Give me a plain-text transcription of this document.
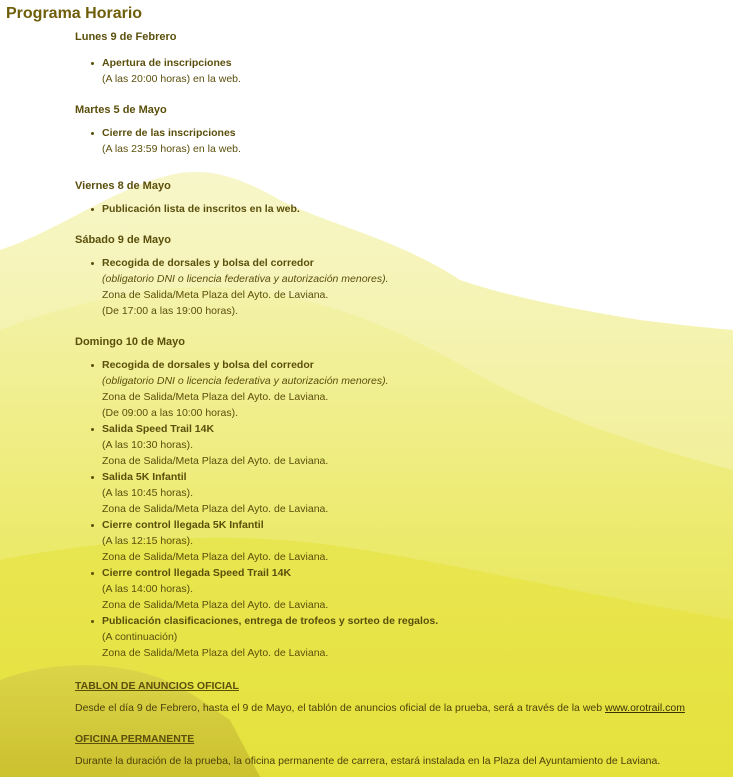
Programa Horario
Lunes 9 de Febrero
Apertura de inscripciones
(A las 20:00 horas) en la web.
Martes 5 de Mayo
Cierre de las inscripciones
(A las 23:59 horas) en la web.
Viernes 8 de Mayo
Publicación lista de inscritos en la web.
Sábado 9 de Mayo
Recogida de dorsales y bolsa del corredor
(obligatorio DNI o licencia federativa y autorización menores).
Zona de Salida/Meta Plaza del Ayto. de Laviana.
(De 17:00 a las 19:00 horas).
Domingo 10 de Mayo
Recogida de dorsales y bolsa del corredor
(obligatorio DNI o licencia federativa y autorización menores).
Zona de Salida/Meta Plaza del Ayto. de Laviana.
(De 09:00 a las 10:00 horas).
Salida Speed Trail 14K
(A las 10:30 horas).
Zona de Salida/Meta Plaza del Ayto. de Laviana.
Salida 5K Infantil
(A las 10:45 horas).
Zona de Salida/Meta Plaza del Ayto. de Laviana.
Cierre control llegada 5K Infantil
(A las 12:15 horas).
Zona de Salida/Meta Plaza del Ayto. de Laviana.
Cierre control llegada Speed Trail 14K
(A las 14:00 horas).
Zona de Salida/Meta Plaza del Ayto. de Laviana.
Publicación clasificaciones, entrega de trofeos y sorteo de regalos.
(A continuación)
Zona de Salida/Meta Plaza del Ayto. de Laviana.
TABLON DE ANUNCIOS OFICIAL
Desde el día 9 de Febrero, hasta el 9 de Mayo, el tablón de anuncios oficial de la prueba, será a través de la web www.orotrail.com
OFICINA PERMANENTE
Durante la duración de la prueba, la oficina permanente de carrera, estará instalada en la Plaza del Ayuntamiento de Laviana.
